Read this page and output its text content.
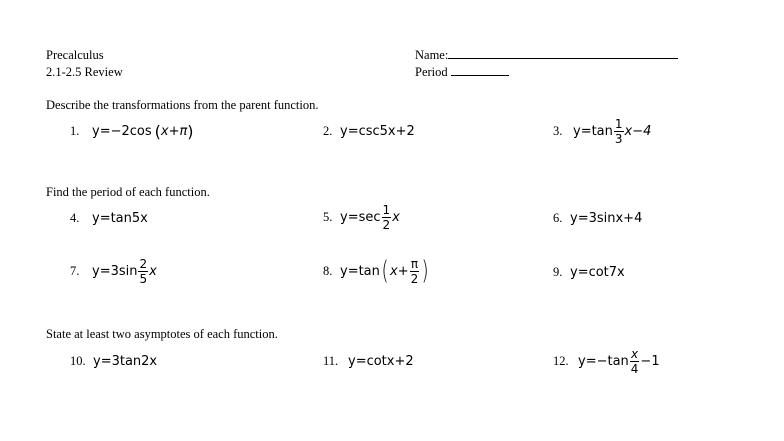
Precalculus
2.1-2.5 Review
Name:
Period
Describe the transformations from the parent function.
1. y=−2cos ( x+π )	2. y=csc5x+2	3. $y=\tan \frac{1}{3} x-4$
Find the period of each function.
4. y=tan5x	5. $y=\sec \frac{1}{2}$ x	6. y=3sinx+4
7. $y=3\sin \frac{2}{5}$ x	8. y=tan ( $x+ \frac{\pi}{2}$ )	9. y=cot7x
State at least two asymptotes of each function.
10. y=3tan2x	11. y=cotx+2	12. $y=-\tan \frac{x}{4} -1$
